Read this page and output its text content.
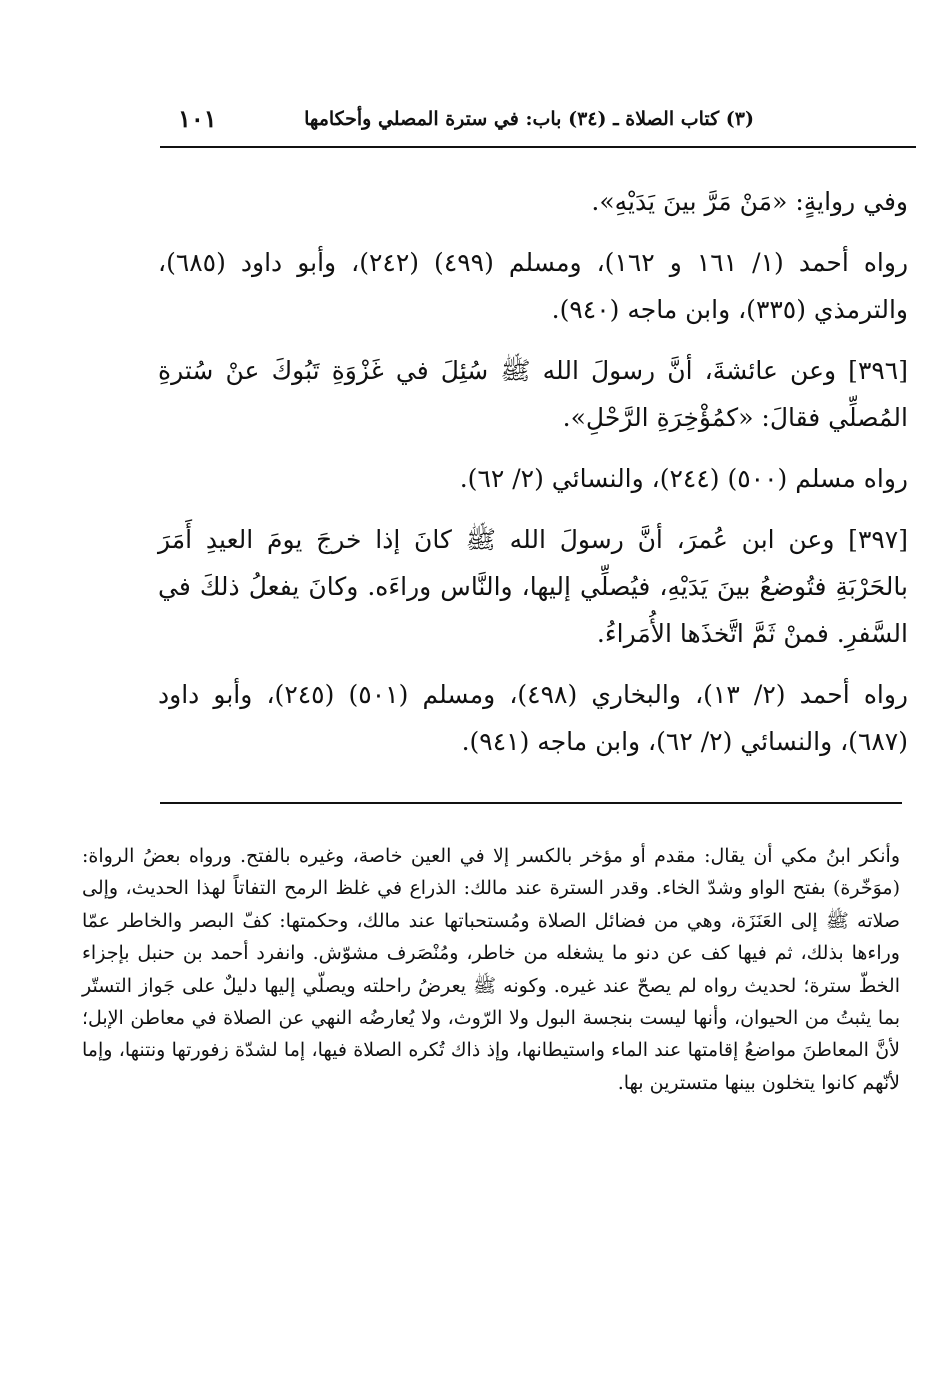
١٠١	(٣) كتاب الصلاة ـ (٣٤) باب: في سترة المصلي وأحكامها

وفي روايةٍ: «مَنْ مَرَّ بينَ يَدَيْهِ».

رواه أحمد (١/ ١٦١ و ١٦٢)، ومسلم (٤٩٩) (٢٤٢)، وأبو داود (٦٨٥)، والترمذي (٣٣٥)، وابن ماجه (٩٤٠).

[٣٩٦] وعن عائشةَ، أنَّ رسولَ الله ﷺ سُئِلَ في غَزْوَةِ تَبُوكَ عنْ سُترةِ المُصلِّي فقالَ: «كمُؤْخِرَةِ الرَّحْلِ».

رواه مسلم (٥٠٠) (٢٤٤)، والنسائي (٢/ ٦٢).

[٣٩٧] وعن ابن عُمرَ، أنَّ رسولَ الله ﷺ كانَ إذا خرجَ يومَ العيدِ أَمَرَ بالحَرْبَةِ فتُوضعُ بينَ يَدَيْهِ، فيُصلِّي إليها، والنَّاس وراءَه. وكانَ يفعلُ ذلكَ في السَّفرِ. فمنْ ثَمَّ اتَّخذَها الأُمَراءُ.

رواه أحمد (٢/ ١٣)، والبخاري (٤٩٨)، ومسلم (٥٠١) (٢٤٥)، وأبو داود (٦٨٧)، والنسائي (٢/ ٦٢)، وابن ماجه (٩٤١).

وأنكر ابنُ مكي أن يقال: مقدم أو مؤخر بالكسر إلا في العين خاصة، وغيره بالفتح. ورواه بعضُ الرواة: (موَخّرة) بفتح الواو وشدّ الخاء. وقدر السترة عند مالك: الذراع في غلظ الرمح التفاتاً لهذا الحديث، وإلى صلاته ﷺ إلى العَنَزَة، وهي من فضائل الصلاة ومُستحباتها عند مالك، وحكمتها: كفّ البصر والخاطر عمّا وراءها بذلك، ثم فيها كف عن دنو ما يشغله من خاطر، ومُنْصَرف مشوّش. وانفرد أحمد بن حنبل بإجزاء الخطّ سترة؛ لحديث رواه لم يصحّ عند غيره. وكونه ﷺ يعرضُ راحلته ويصلّي إليها دليلٌ على جَواز التستّر بما يثبتُ من الحيوان، وأنها ليست بنجسة البول ولا الرّوث، ولا يُعارضُه النهي عن الصلاة في معاطن الإبل؛ لأنَّ المعاطنَ مواضعُ إقامتها عند الماء واستيطانها، وإذ ذاك تُكره الصلاة فيها، إما لشدّة زفورتها ونتنها، وإما لأنّهم كانوا يتخلون بينها متسترين بها.
